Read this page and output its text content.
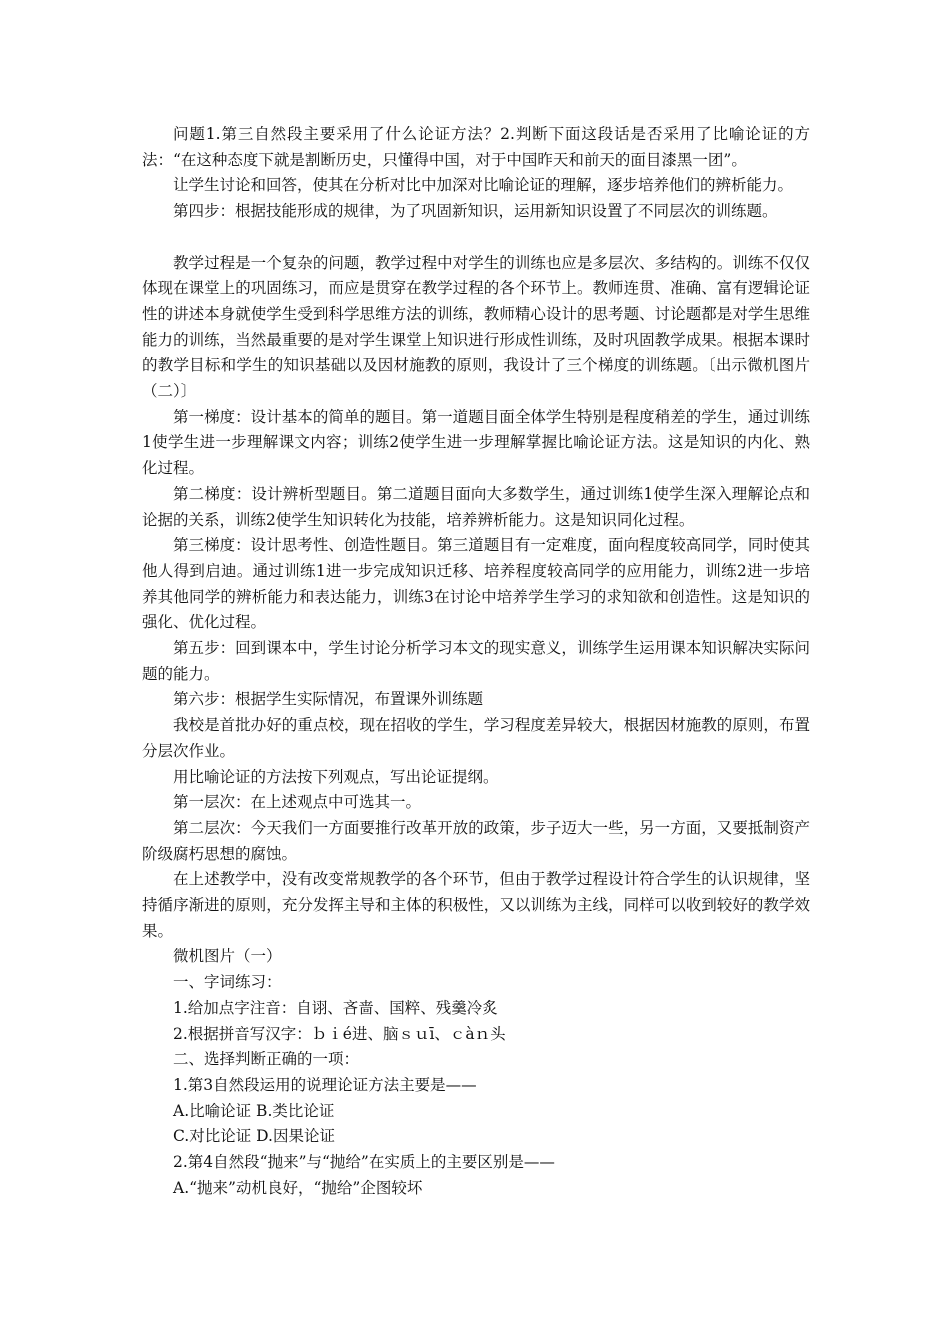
问题1.第三自然段主要采用了什么论证方法？2.判断下面这段话是否采用了比喻论证的方法：“在这种态度下就是割断历史，只懂得中国，对于中国昨天和前天的面目漆黑一团”。

让学生讨论和回答，使其在分析对比中加深对比喻论证的理解，逐步培养他们的辨析能力。

第四步：根据技能形成的规律，为了巩固新知识，运用新知识设置了不同层次的训练题。

教学过程是一个复杂的问题，教学过程中对学生的训练也应是多层次、多结构的。训练不仅仅体现在课堂上的巩固练习，而应是贯穿在教学过程的各个环节上。教师连贯、准确、富有逻辑论证性的讲述本身就使学生受到科学思维方法的训练，教师精心设计的思考题、讨论题都是对学生思维能力的训练，当然最重要的是对学生课堂上知识进行形成性训练，及时巩固教学成果。根据本课时的教学目标和学生的知识基础以及因材施教的原则，我设计了三个梯度的训练题。〔出示微机图片（二）〕

第一梯度：设计基本的简单的题目。第一道题目面全体学生特别是程度稍差的学生，通过训练1使学生进一步理解课文内容；训练2使学生进一步理解掌握比喻论证方法。这是知识的内化、熟化过程。

第二梯度：设计辨析型题目。第二道题目面向大多数学生，通过训练1使学生深入理解论点和论据的关系，训练2使学生知识转化为技能，培养辨析能力。这是知识同化过程。

第三梯度：设计思考性、创造性题目。第三道题目有一定难度，面向程度较高同学，同时使其他人得到启迪。通过训练1进一步完成知识迁移、培养程度较高同学的应用能力，训练2进一步培养其他同学的辨析能力和表达能力，训练3在讨论中培养学生学习的求知欲和创造性。这是知识的强化、优化过程。

第五步：回到课本中，学生讨论分析学习本文的现实意义，训练学生运用课本知识解决实际问题的能力。

第六步：根据学生实际情况，布置课外训练题

我校是首批办好的重点校，现在招收的学生，学习程度差异较大，根据因材施教的原则，布置分层次作业。

用比喻论证的方法按下列观点，写出论证提纲。

第一层次：在上述观点中可选其一。

第二层次：今天我们一方面要推行改革开放的政策，步子迈大一些，另一方面，又要抵制资产阶级腐朽思想的腐蚀。

在上述教学中，没有改变常规教学的各个环节，但由于教学过程设计符合学生的认识规律，坚持循序渐进的原则，充分发挥主导和主体的积极性，又以训练为主线，同样可以收到较好的教学效果。

微机图片（一）

一、字词练习：

1.给加点字注音：自诩、吝啬、国粹、残羹冷炙

2.根据拼音写汉字：ｂｉé进、脑ｓｕī、ｃàｎ头

二、选择判断正确的一项：

1.第3自然段运用的说理论证方法主要是——

A.比喻论证 B.类比论证

C.对比论证 D.因果论证

2.第4自然段“抛来”与“抛给”在实质上的主要区别是——

A.“抛来”动机良好，“抛给”企图较坏
